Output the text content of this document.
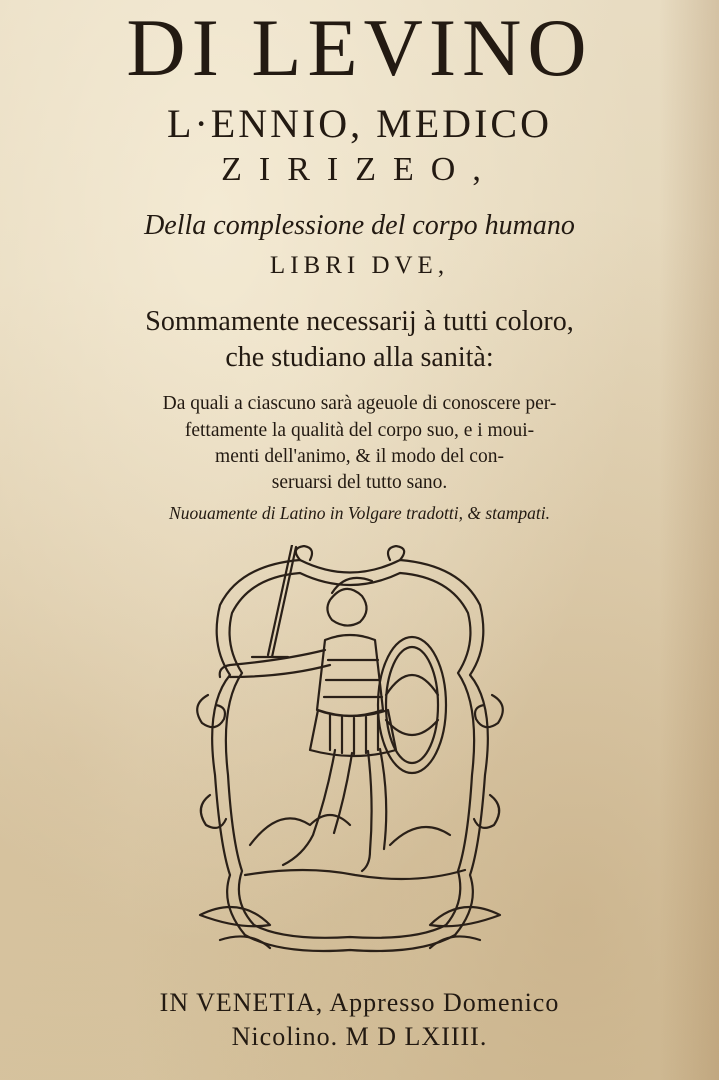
DI LEVINO
L·ENNIO, MEDICO
ZIRIZEO,
Della complessione del corpo humano
LIBRI DVE,
Sommamente necessarij à tutti coloro,
che studiano alla sanità:
Da quali a ciascuno sarà ageuole di conoscere per-
fettamente la qualità del corpo suo, e i moui-
menti dell'animo, & il modo del con-
seruarsi del tutto sano.
Nuouamente di Latino in Volgare tradotti, & stampati.
IN VENETIA, Appresso Domenico
Nicolino. M D LXIIII.
